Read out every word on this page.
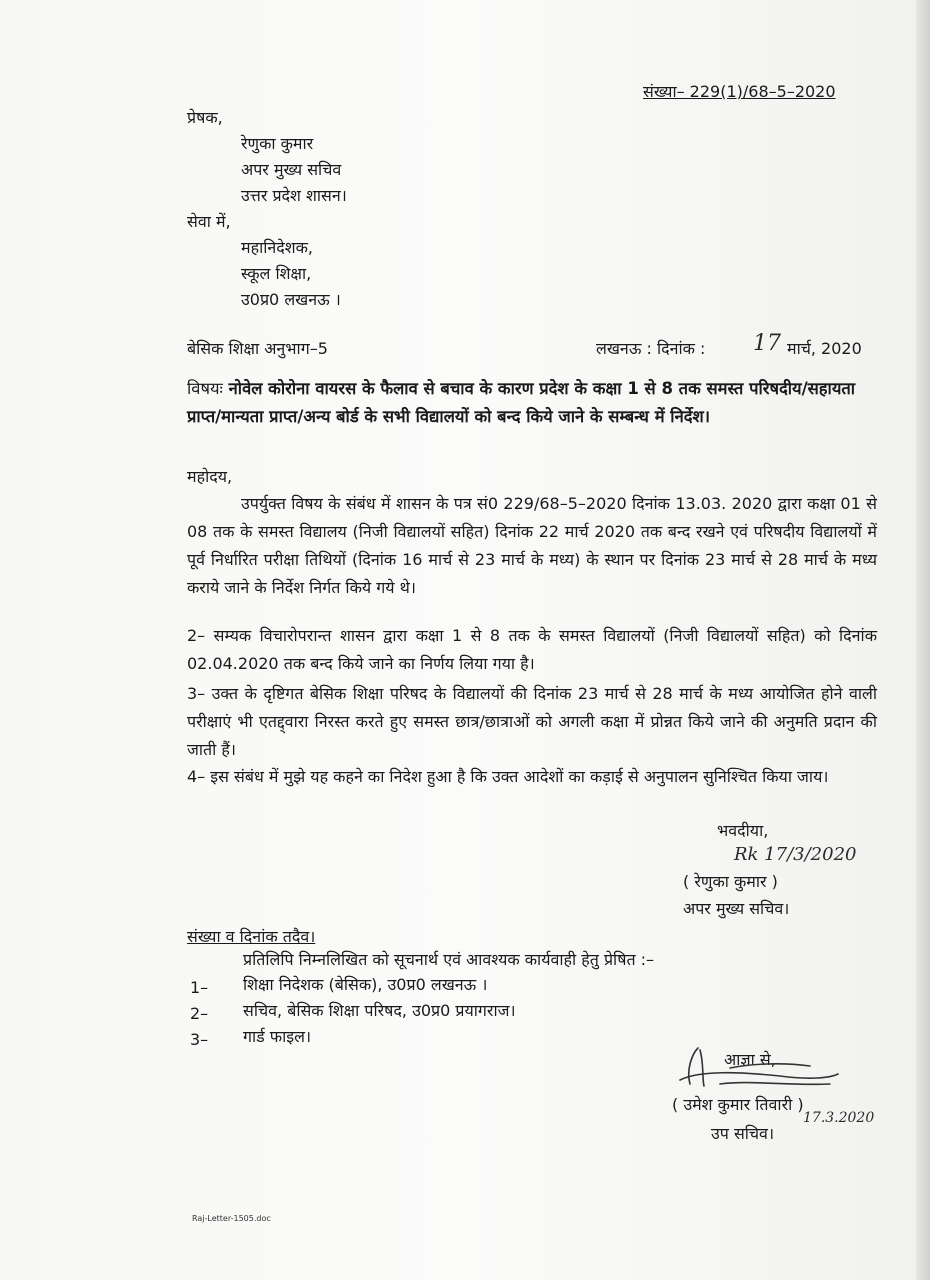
संख्या– 229(1)/68–5–2020
प्रेषक,
रेणुका कुमार
अपर मुख्य सचिव
उत्तर प्रदेश शासन।
सेवा में,
महानिदेशक,
स्कूल शिक्षा,
उ0प्र0 लखनऊ ।
बेसिक शिक्षा अनुभाग–5	लखनऊ : दिनांक : 17 मार्च, 2020
विषयः नोवेल कोरोना वायरस के फैलाव से बचाव के कारण प्रदेश के कक्षा 1 से 8 तक समस्त परिषदीय/सहायता प्राप्त/मान्यता प्राप्त/अन्य बोर्ड के सभी विद्यालयों को बन्द किये जाने के सम्बन्ध में निर्देश।
महोदय,
उपर्युक्त विषय के संबंध में शासन के पत्र सं0 229/68–5–2020 दिनांक 13.03. 2020 द्वारा कक्षा 01 से 08 तक के समस्त विद्यालय (निजी विद्यालयों सहित) दिनांक 22 मार्च 2020 तक बन्द रखने एवं परिषदीय विद्यालयों में पूर्व निर्धारित परीक्षा तिथियों (दिनांक 16 मार्च से 23 मार्च के मध्य) के स्थान पर दिनांक 23 मार्च से 28 मार्च के मध्य कराये जाने के निर्देश निर्गत किये गये थे।
2– सम्यक विचारोपरान्त शासन द्वारा कक्षा 1 से 8 तक के समस्त विद्यालयों (निजी विद्यालयों सहित) को दिनांक 02.04.2020 तक बन्द किये जाने का निर्णय लिया गया है।
3– उक्त के दृष्टिगत बेसिक शिक्षा परिषद के विद्यालयों की दिनांक 23 मार्च से 28 मार्च के मध्य आयोजित होने वाली परीक्षाएं भी एतद्द्वारा निरस्त करते हुए समस्त छात्र/छात्राओं को अगली कक्षा में प्रोन्नत किये जाने की अनुमति प्रदान की जाती हैं।
4– इस संबंध में मुझे यह कहने का निदेश हुआ है कि उक्त आदेशों का कड़ाई से अनुपालन सुनिश्चित किया जाय।
भवदीया,
Rk 17/3/2020
( रेणुका कुमार )
अपर मुख्य सचिव।
संख्या व दिनांक तदैव।
प्रतिलिपि निम्नलिखित को सूचनार्थ एवं आवश्यक कार्यवाही हेतु प्रेषित :–
1– शिक्षा निदेशक (बेसिक), उ0प्र0 लखनऊ ।
2– सचिव, बेसिक शिक्षा परिषद, उ0प्र0 प्रयागराज।
3– गार्ड फाइल।
आज्ञा से,
( उमेश कुमार तिवारी )
17.3.2020
उप सचिव।
Raj-Letter-1505.doc
